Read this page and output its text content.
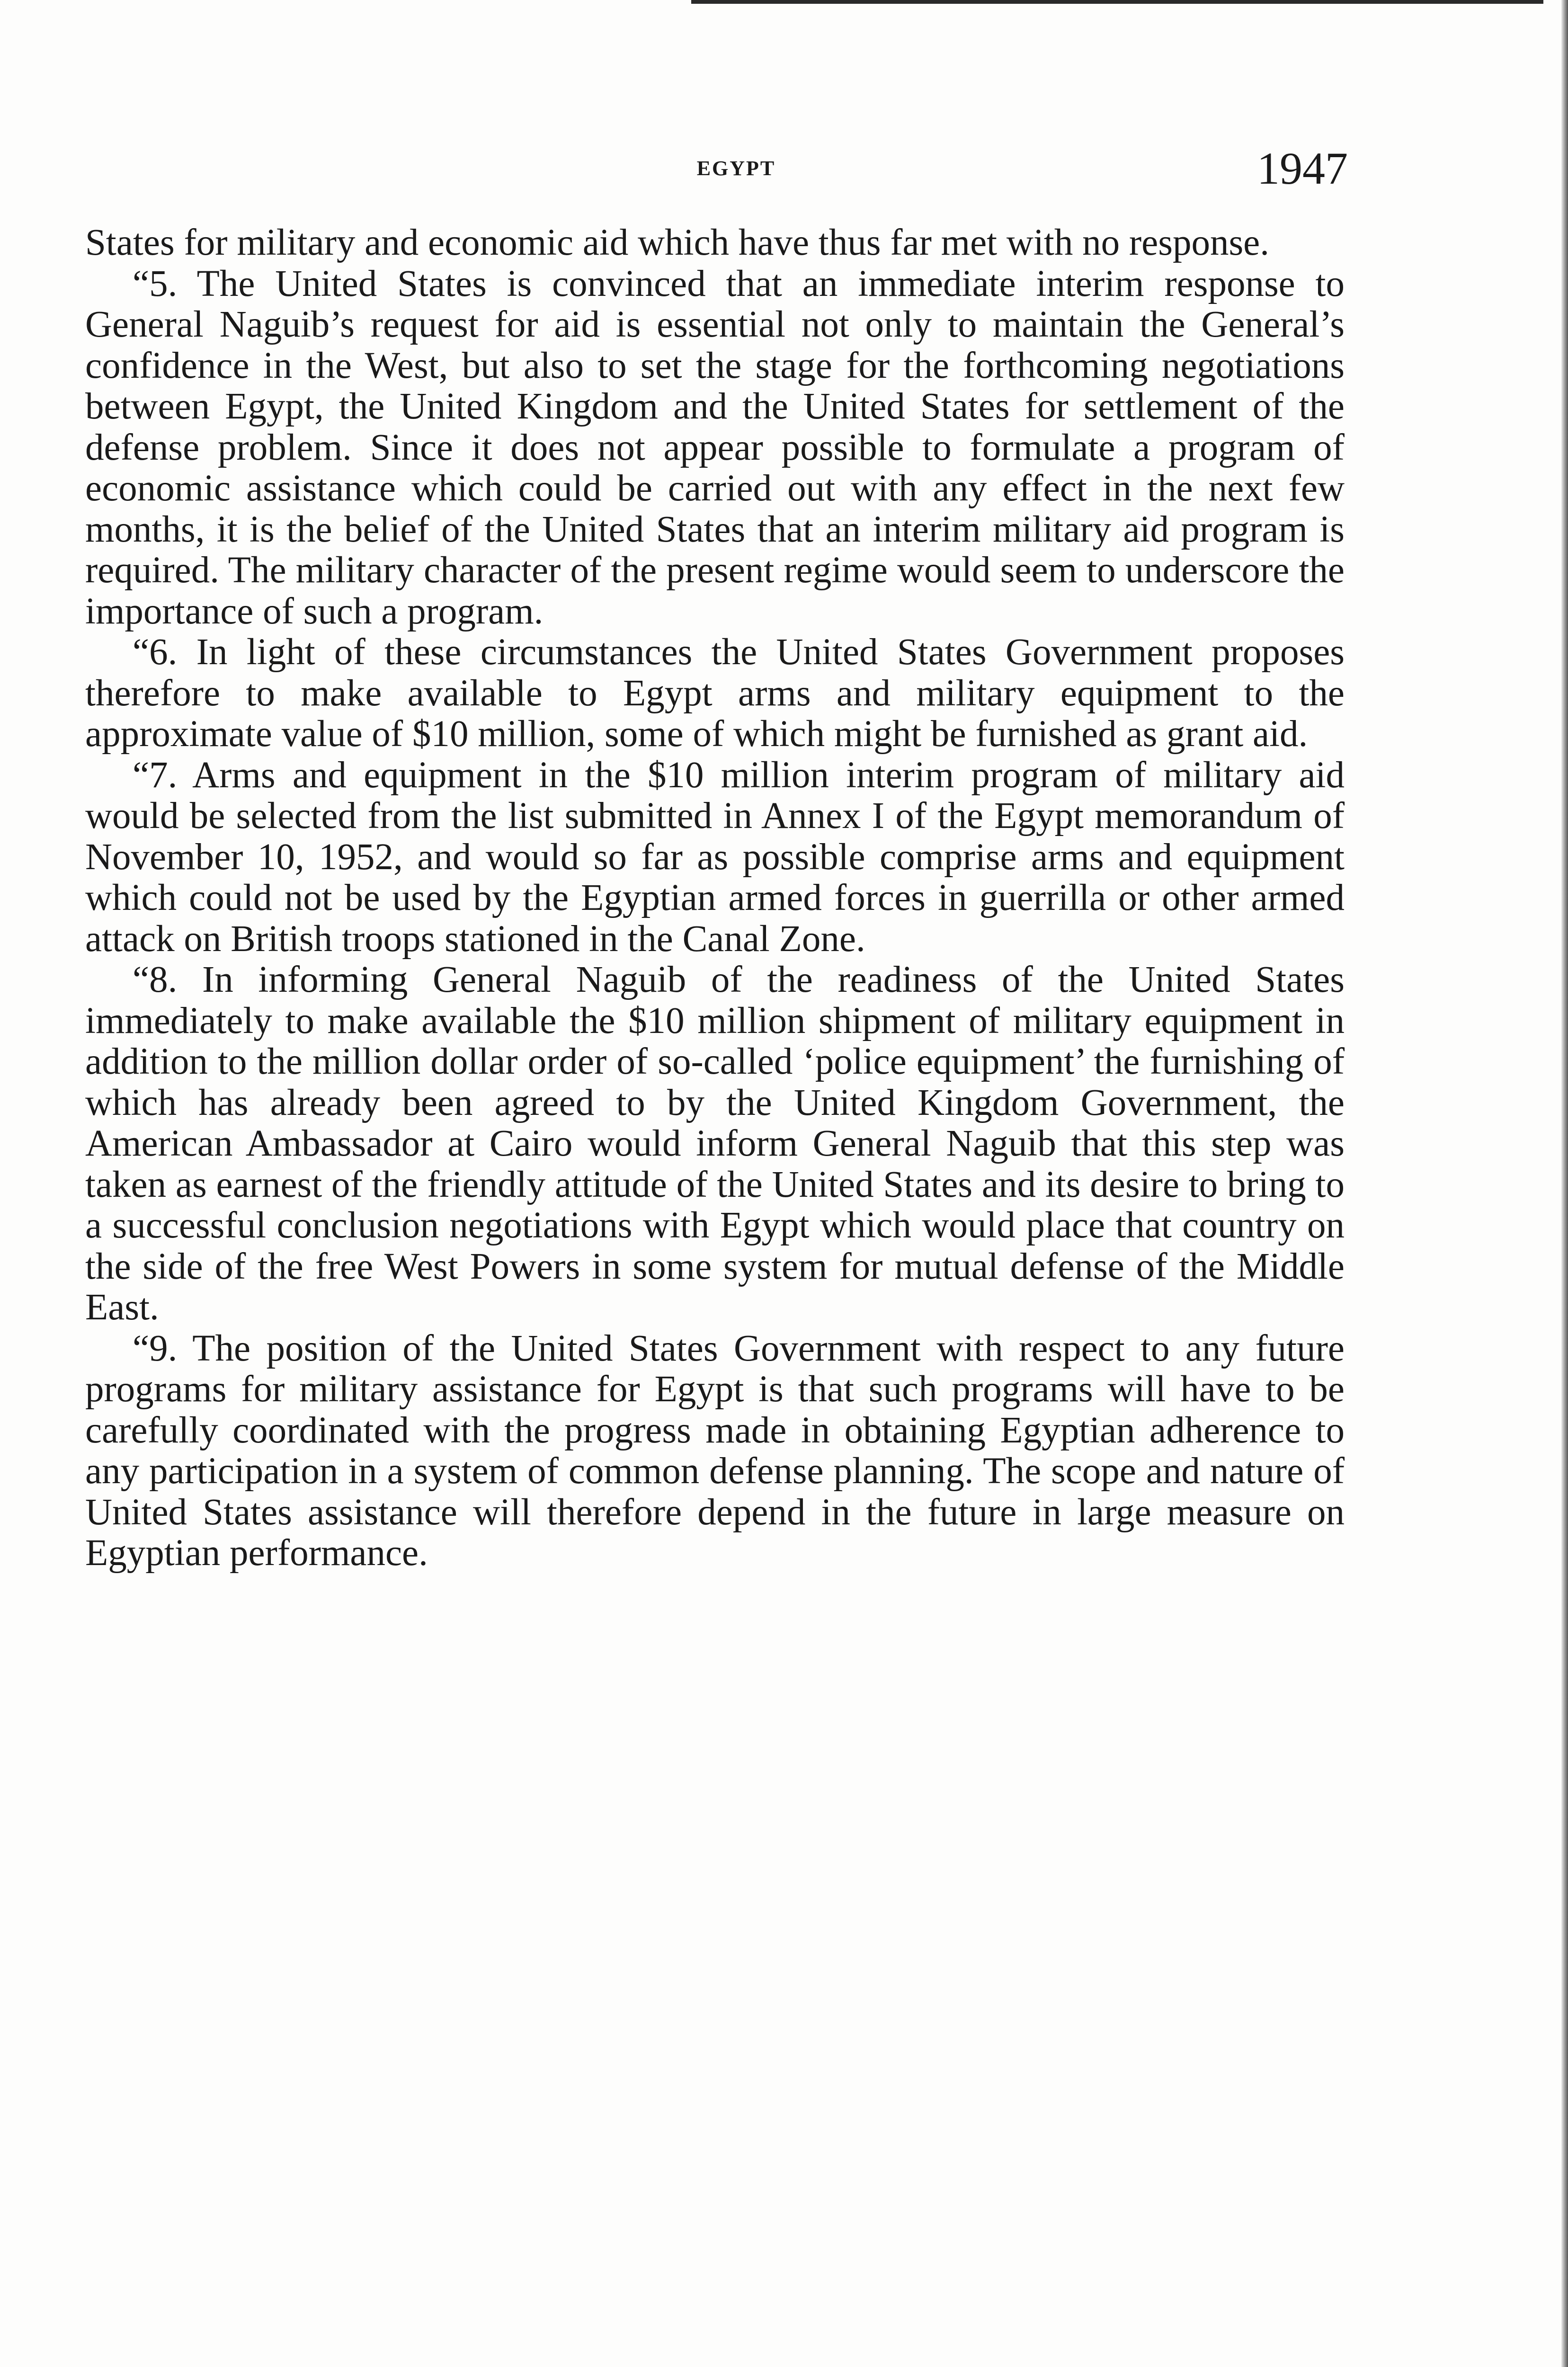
EGYPT	1947

States for military and economic aid which have thus far met with no response.

“5. The United States is convinced that an immediate interim response to General Naguib’s request for aid is essential not only to maintain the General’s confidence in the West, but also to set the stage for the forthcoming negotiations between Egypt, the United Kingdom and the United States for settlement of the defense problem. Since it does not appear possible to formulate a program of economic assistance which could be carried out with any effect in the next few months, it is the belief of the United States that an interim military aid program is required. The military character of the present regime would seem to underscore the importance of such a program.

“6. In light of these circumstances the United States Government proposes therefore to make available to Egypt arms and military equipment to the approximate value of $10 million, some of which might be furnished as grant aid.

“7. Arms and equipment in the $10 million interim program of military aid would be selected from the list submitted in Annex I of the Egypt memorandum of November 10, 1952, and would so far as possible comprise arms and equipment which could not be used by the Egyptian armed forces in guerrilla or other armed attack on British troops stationed in the Canal Zone.

“8. In informing General Naguib of the readiness of the United States immediately to make available the $10 million shipment of military equipment in addition to the million dollar order of so-called ‘police equipment’ the furnishing of which has already been agreed to by the United Kingdom Government, the American Ambassador at Cairo would inform General Naguib that this step was taken as earnest of the friendly attitude of the United States and its desire to bring to a successful conclusion negotiations with Egypt which would place that country on the side of the free West Powers in some system for mutual defense of the Middle East.

“9. The position of the United States Government with respect to any future programs for military assistance for Egypt is that such programs will have to be carefully coordinated with the progress made in obtaining Egyptian adherence to any participation in a system of common defense planning. The scope and nature of United States assistance will therefore depend in the future in large measure on Egyptian performance.
